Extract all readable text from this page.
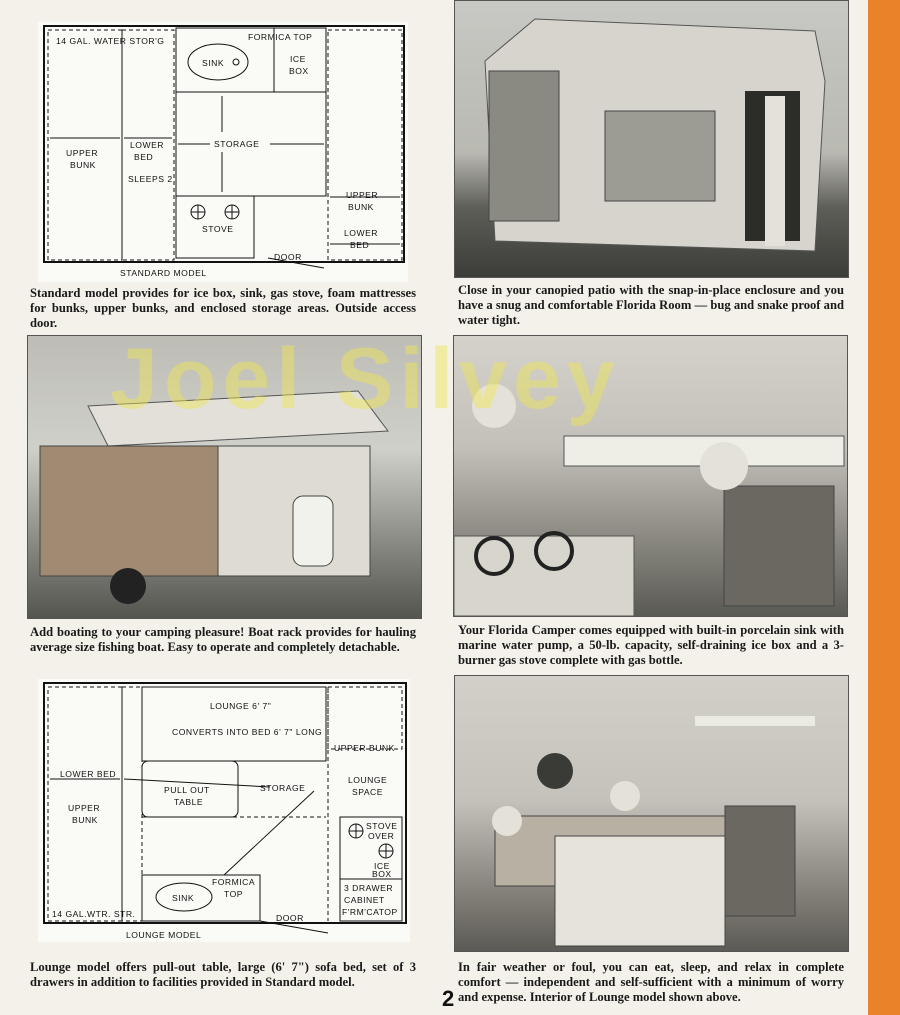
14 GAL. WATER STOR'G	FORMICA TOP
SINK	ICE
BOX
UPPER
BUNK
LOWER
BED
STORAGE
SLEEPS 2
UPPER
BUNK
STOVE	LOWER
BED
DOOR
STANDARD MODEL
Standard model provides for ice box, sink, gas stove, foam mattresses for bunks, upper bunks, and enclosed storage areas. Outside access door.
Close in your canopied patio with the snap-in-place enclosure and you have a snug and comfortable Florida Room — bug and snake proof and water tight.
Add boating to your camping pleasure! Boat rack provides for hauling average size fishing boat. Easy to operate and completely detachable.
Your Florida Camper comes equipped with built-in porcelain sink with marine water pump, a 50-lb. capacity, self-draining ice box and a 3-burner gas stove complete with gas bottle.
LOUNGE 6' 7"
CONVERTS INTO BED 6' 7" LONG
UPPER BUNK
LOWER BED
STORAGE
LOUNGE
SPACE
PULL OUT
TABLE
UPPER
BUNK
STOVE
OVER
ICE
BOX
SINK
FORMICA
TOP
3 DRAWER
CABINET
F'RM'CATOP
14 GAL.WTR. STR.	DOOR
LOUNGE MODEL
Lounge model offers pull-out table, large (6' 7") sofa bed, set of 3 drawers in addition to facilities provided in Standard model.
In fair weather or foul, you can eat, sleep, and relax in complete comfort — independent and self-sufficient with a minimum of worry and expense. Interior of Lounge model shown above.
Joel Silvey
2
